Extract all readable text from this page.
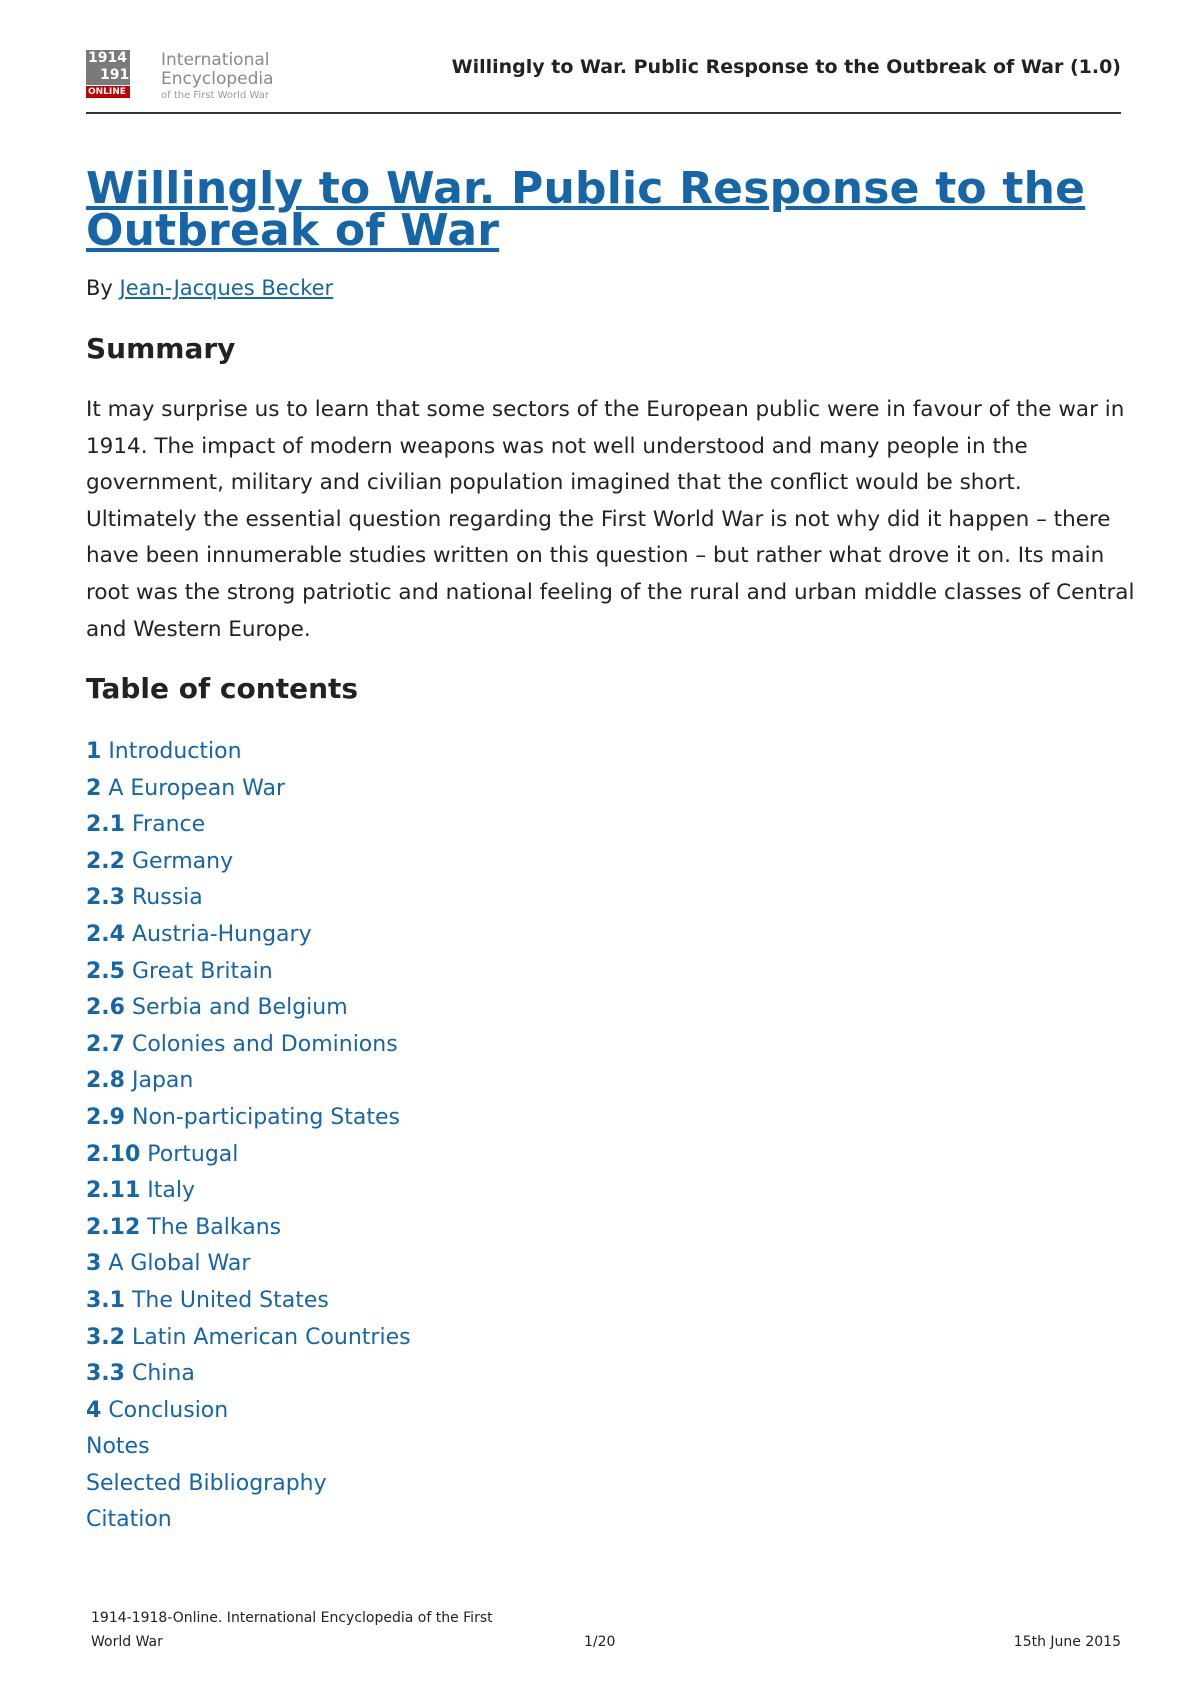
1914
1918
ONLINE
International
Encyclopedia
of the First World War
Willingly to War. Public Response to the Outbreak of War (1.0)
Willingly to War. Public Response to the Outbreak of War
By Jean-Jacques Becker
Summary

It may surprise us to learn that some sectors of the European public were in favour of the war in 1914. The impact of modern weapons was not well understood and many people in the government, military and civilian population imagined that the conflict would be short. Ultimately the essential question regarding the First World War is not why did it happen – there have been innumerable studies written on this question – but rather what drove it on. Its main root was the strong patriotic and national feeling of the rural and urban middle classes of Central and Western Europe.

Table of contents
1 Introduction
2 A European War
2.1 France
2.2 Germany
2.3 Russia
2.4 Austria-Hungary
2.5 Great Britain
2.6 Serbia and Belgium
2.7 Colonies and Dominions
2.8 Japan
2.9 Non-participating States
2.10 Portugal
2.11 Italy
2.12 The Balkans
3 A Global War
3.1 The United States
3.2 Latin American Countries
3.3 China
4 Conclusion
Notes
Selected Bibliography
Citation
1914-1918-Online. International Encyclopedia of the First
World War	1/20	15th June 2015
